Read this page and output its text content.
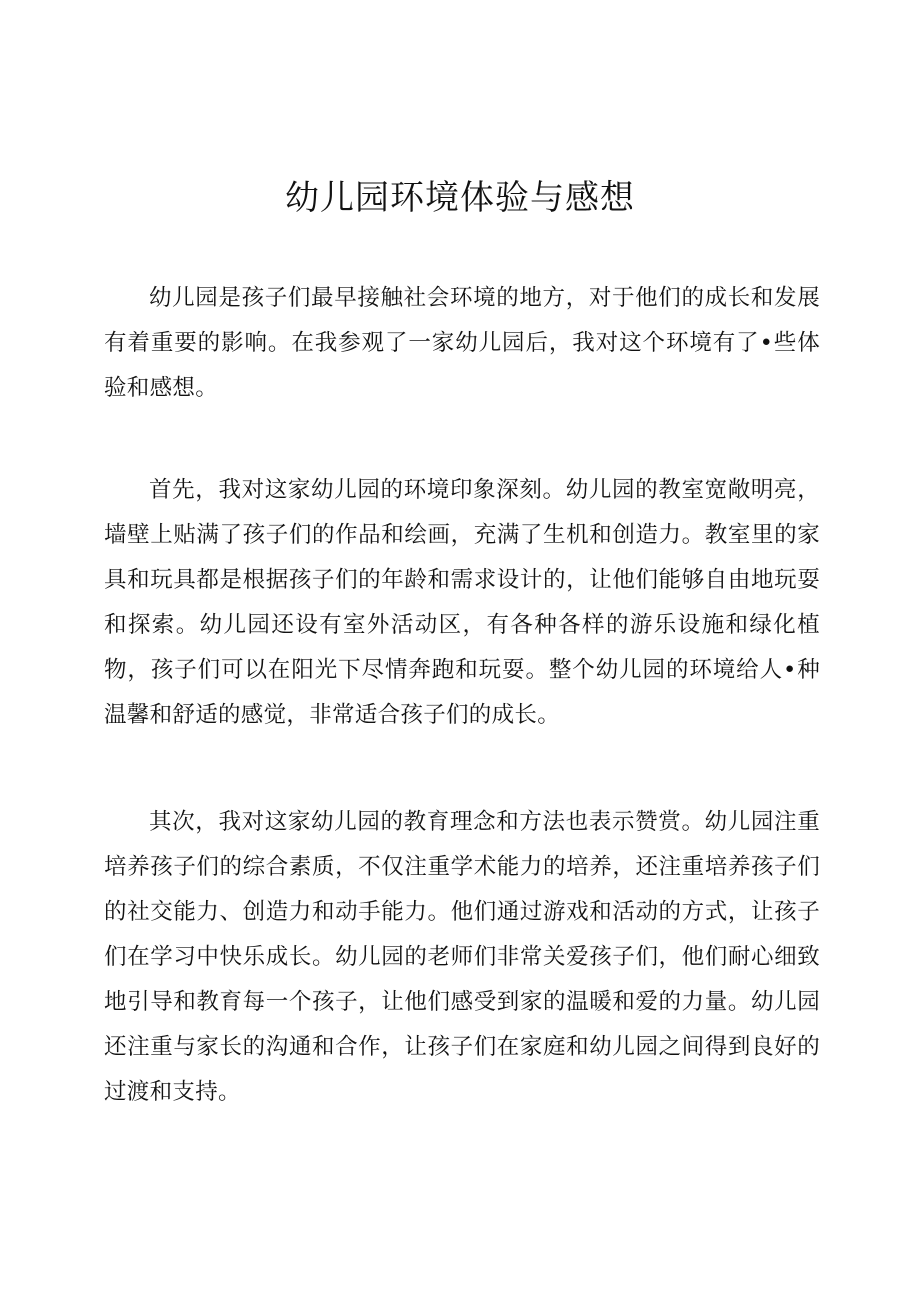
幼儿园环境体验与感想

幼儿园是孩子们最早接触社会环境的地方，对于他们的成长和发展有着重要的影响。在我参观了一家幼儿园后，我对这个环境有了•些体验和感想。

首先，我对这家幼儿园的环境印象深刻。幼儿园的教室宽敞明亮，墙壁上贴满了孩子们的作品和绘画，充满了生机和创造力。教室里的家具和玩具都是根据孩子们的年龄和需求设计的，让他们能够自由地玩耍和探索。幼儿园还设有室外活动区，有各种各样的游乐设施和绿化植物，孩子们可以在阳光下尽情奔跑和玩耍。整个幼儿园的环境给人•种温馨和舒适的感觉，非常适合孩子们的成长。

其次，我对这家幼儿园的教育理念和方法也表示赞赏。幼儿园注重培养孩子们的综合素质，不仅注重学术能力的培养，还注重培养孩子们的社交能力、创造力和动手能力。他们通过游戏和活动的方式，让孩子们在学习中快乐成长。幼儿园的老师们非常关爱孩子们，他们耐心细致地引导和教育每一个孩子，让他们感受到家的温暖和爱的力量。幼儿园还注重与家长的沟通和合作，让孩子们在家庭和幼儿园之间得到良好的过渡和支持。
